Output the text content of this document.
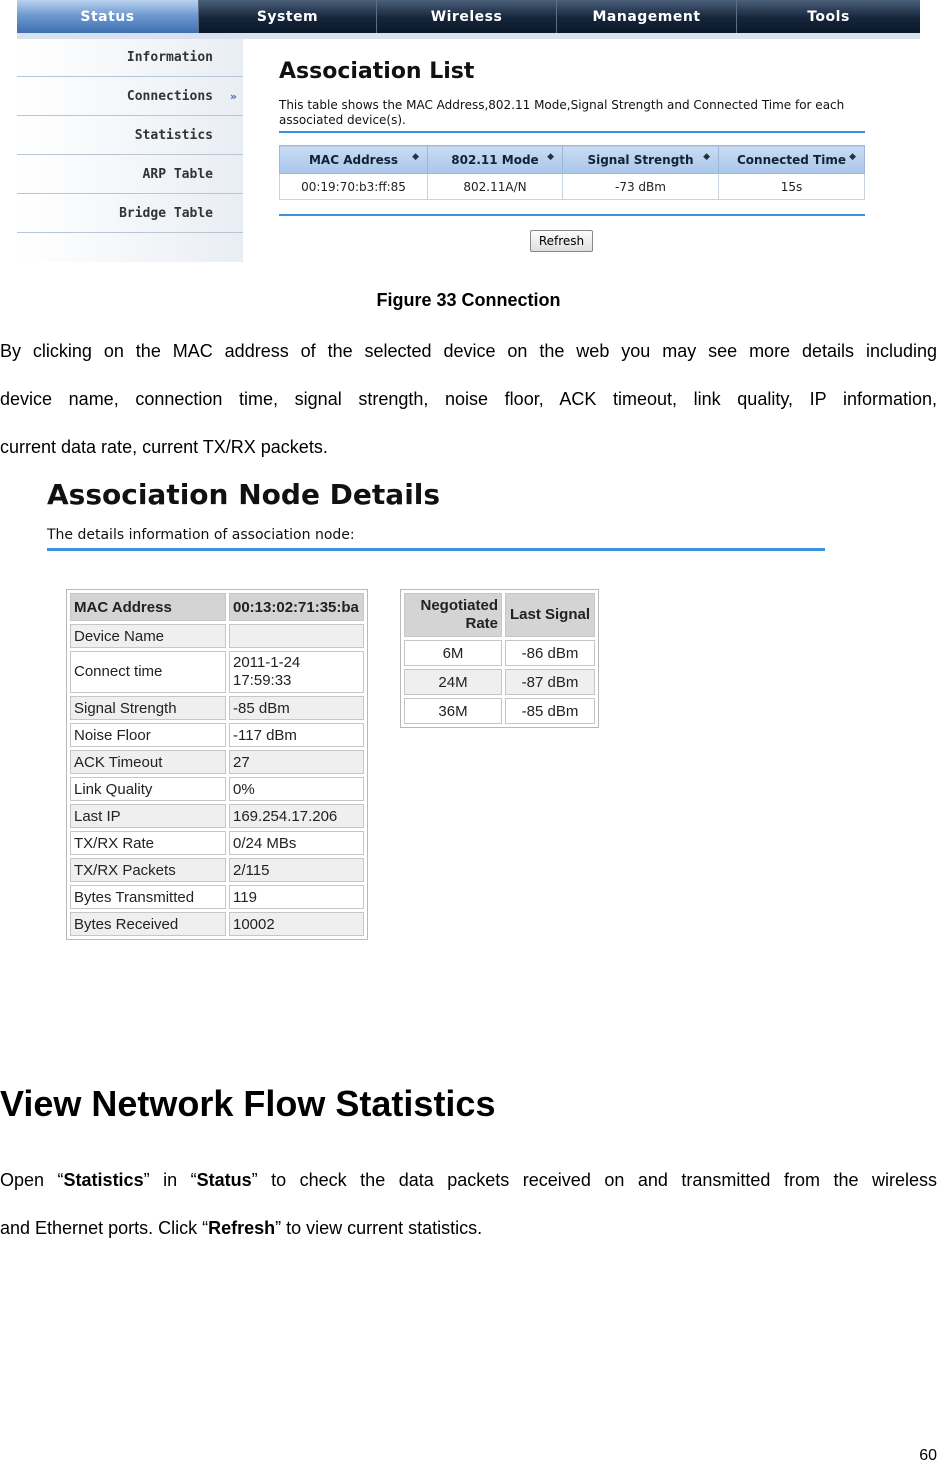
Status	System	Wireless	Management	Tools
Information
Connections »
Statistics
ARP Table
Bridge Table
Association List
This table shows the MAC Address,802.11 Mode,Signal Strength and Connected Time for each associated device(s).
MAC Address ◆	802.11 Mode ◆	Signal Strength ◆	Connected Time ◆

00:19:70:b3:ff:85	802.11A/N	-73 dBm	15s
Refresh
Figure 33 Connection
By clicking on the MAC address of the selected device on the web you may see more details including
device name, connection time, signal strength, noise floor, ACK timeout, link quality, IP information,
current data rate, current TX/RX packets.
Association Node Details
The details information of association node:
MAC Address	00:13:02:71:35:ba
Device Name	
Connect time	2011-1-24 17:59:33
Signal Strength	-85 dBm
Noise Floor	-117 dBm
ACK Timeout	27
Link Quality	0%
Last IP	169.254.17.206
TX/RX Rate	0/24 MBs
TX/RX Packets	2/115
Bytes Transmitted	119
Bytes Received	10002
Negotiated Rate	Last Signal
6M	-86 dBm
24M	-87 dBm
36M	-85 dBm
View Network Flow Statistics
Open “Statistics” in “Status” to check the data packets received on and transmitted from the wireless
and Ethernet ports. Click “Refresh” to view current statistics.
60
